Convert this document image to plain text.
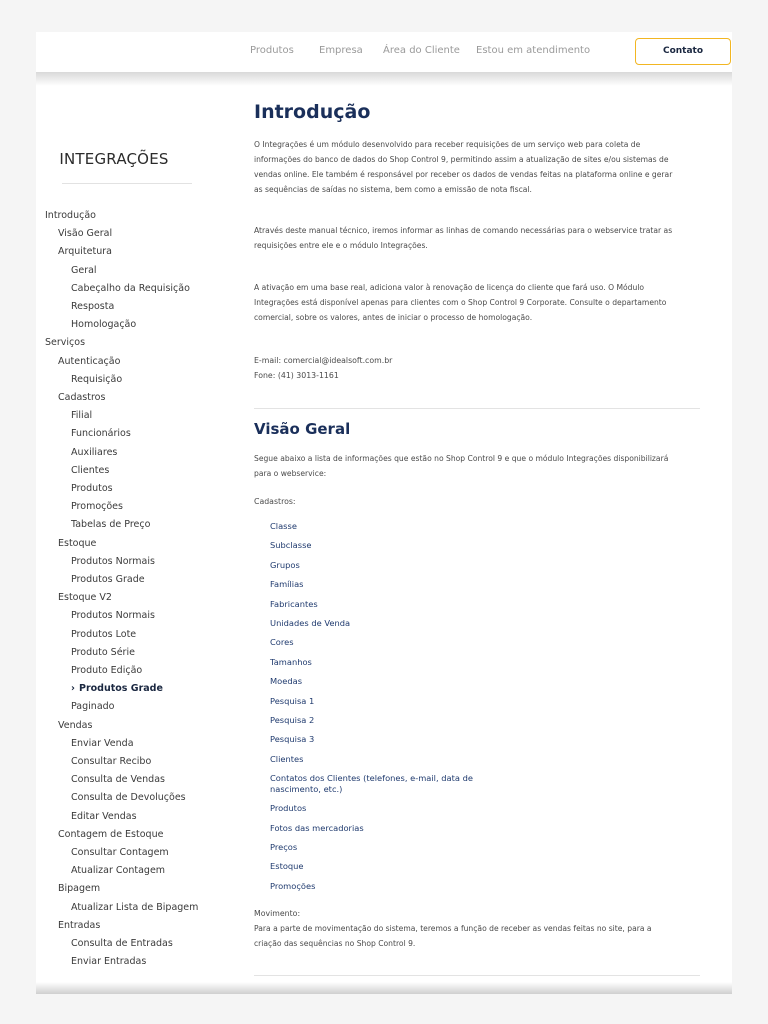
Produtos	Empresa Área do Cliente Estou em atendimento	Contato
INTEGRAÇÕES
Introdução
Visão Geral
Arquitetura
Geral
Cabeçalho da Requisição
Resposta
Homologação
Serviços
Autenticação
Requisição
Cadastros
Filial
Funcionários
Auxiliares
Clientes
Produtos
Promoções
Tabelas de Preço
Estoque
Produtos Normais
Produtos Grade
Estoque V2
Produtos Normais
Produtos Lote
Produto Série
Produto Edição
› Produtos Grade
Paginado
Vendas
Enviar Venda
Consultar Recibo
Consulta de Vendas
Consulta de Devoluções
Editar Vendas
Contagem de Estoque
Consultar Contagem
Atualizar Contagem
Bipagem
Atualizar Lista de Bipagem
Entradas
Consulta de Entradas
Enviar Entradas
Introdução
O Integrações é um módulo desenvolvido para receber requisições de um serviço web para coleta de
informações do banco de dados do Shop Control 9, permitindo assim a atualização de sites e/ou sistemas de
vendas online. Ele também é responsável por receber os dados de vendas feitas na plataforma online e gerar
as sequências de saídas no sistema, bem como a emissão de nota fiscal.
Através deste manual técnico, iremos informar as linhas de comando necessárias para o webservice tratar as
requisições entre ele e o módulo Integrações.
A ativação em uma base real, adiciona valor à renovação de licença do cliente que fará uso. O Módulo
Integrações está disponível apenas para clientes com o Shop Control 9 Corporate. Consulte o departamento
comercial, sobre os valores, antes de iniciar o processo de homologação.
E-mail: comercial@idealsoft.com.br
Fone: (41) 3013-1161
Visão Geral
Segue abaixo a lista de informações que estão no Shop Control 9 e que o módulo Integrações disponibilizará
para o webservice:
Cadastros:
Classe
Subclasse
Grupos
Famílias
Fabricantes
Unidades de Venda
Cores
Tamanhos
Moedas
Pesquisa 1
Pesquisa 2
Pesquisa 3
Clientes
Contatos dos Clientes (telefones, e-mail, data de
nascimento, etc.)
Produtos
Fotos das mercadorias
Preços
Estoque
Promoções
Movimento:
Para a parte de movimentação do sistema, teremos a função de receber as vendas feitas no site, para a
criação das sequências no Shop Control 9.
